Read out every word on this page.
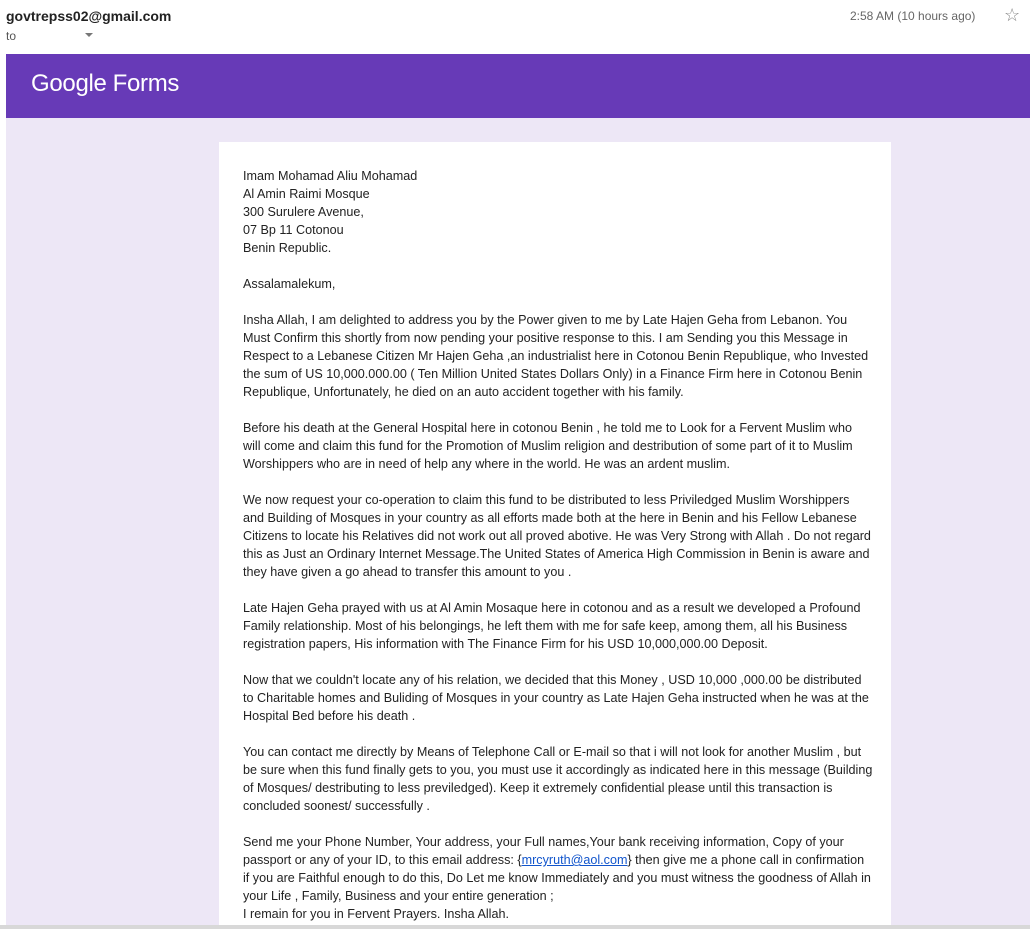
govtrepss02@gmail.com
to
2:58 AM (10 hours ago) ☆
Google Forms

Imam Mohamad Aliu Mohamad
Al Amin Raimi Mosque
300 Surulere Avenue,
07 Bp 11 Cotonou
Benin Republic.

Assalamalekum,

Insha Allah, I am delighted to address you by the Power given to me by Late Hajen Geha from Lebanon. You Must Confirm this shortly from now pending your positive response to this. I am Sending you this Message in Respect to a Lebanese Citizen Mr Hajen Geha ,an industrialist here in Cotonou Benin Republique, who Invested the sum of US 10,000.000.00 ( Ten Million United States Dollars Only) in a Finance Firm here in Cotonou Benin Republique, Unfortunately, he died on an auto accident together with his family.

Before his death at the General Hospital here in cotonou Benin , he told me to Look for a Fervent Muslim who will come and claim this fund for the Promotion of Muslim religion and destribution of some part of it to Muslim Worshippers who are in need of help any where in the world. He was an ardent muslim.

We now request your co-operation to claim this fund to be distributed to less Priviledged Muslim Worshippers and Building of Mosques in your country as all efforts made both at the here in Benin and his Fellow Lebanese Citizens to locate his Relatives did not work out all proved abotive. He was Very Strong with Allah . Do not regard this as Just an Ordinary Internet Message.The United States of America High Commission in Benin is aware and they have given a go ahead to transfer this amount to you .

Late Hajen Geha prayed with us at Al Amin Mosaque here in cotonou and as a result we developed a Profound Family relationship. Most of his belongings, he left them with me for safe keep, among them, all his Business registration papers, His information with The Finance Firm for his USD 10,000,000.00 Deposit.

Now that we couldn't locate any of his relation, we decided that this Money , USD 10,000 ,000.00 be distributed to Charitable homes and Buliding of Mosques in your country as Late Hajen Geha instructed when he was at the Hospital Bed before his death .

You can contact me directly by Means of Telephone Call or E-mail so that i will not look for another Muslim , but be sure when this fund finally gets to you, you must use it accordingly as indicated here in this message (Building of Mosques/ destributing to less previledged). Keep it extremely confidential please until this transaction is concluded soonest/ successfully .

Send me your Phone Number, Your address, your Full names,Your bank receiving information, Copy of your passport or any of your ID, to this email address: {mrcyruth@aol.com} then give me a phone call in confirmation if you are Faithful enough to do this, Do Let me know Immediately and you must witness the goodness of Allah in your Life , Family, Business and your entire generation ;
I remain for you in Fervent Prayers. Insha Allah.
